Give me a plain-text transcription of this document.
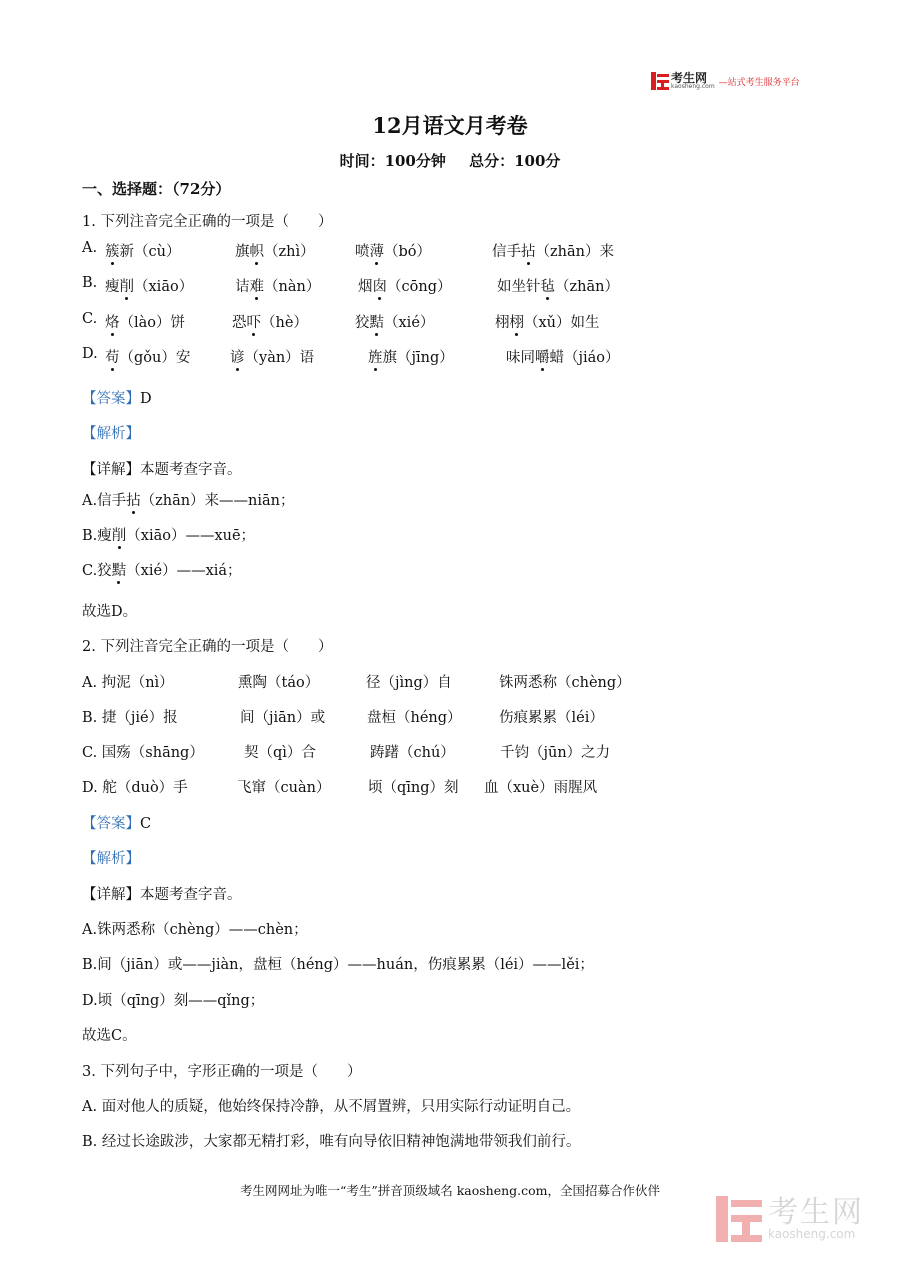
考生网
kaosheng.com —站式考生服务平台
12月语文月考卷
时间：100分钟 总分：100分
一、选择题：（72分）
1. 下列注音完全正确的一项是（　　）
A. 簇新（cù）	旗帜（zhì）	喷薄（bó）	信手拈（zhān）来
B. 瘦削（xiāo）	诘难（nàn）	烟囱（cōng）	如坐针毡（zhān）
C. 烙（lào）饼	恐吓（hè）	狡黠（xié）	栩栩（xǔ）如生
D. 苟（gǒu）安	谚（yàn）语	旌旗（jīng）	味同嚼蜡（jiáo）
【答案】D
【解析】
【详解】本题考查字音。
A.信手拈（zhān）来——niān；
B.瘦削（xiāo）——xuē；
C.狡黠（xié）——xiá；
故选D。
2. 下列注音完全正确的一项是（　　）
A. 拘泥（nì）	熏陶（táo）	径（jìng）自	铢两悉称（chèng）
B. 捷（jié）报	间（jiān）或	盘桓（héng）	伤痕累累（léi）
C. 国殇（shāng）	契（qì）合	踌躇（chú）	千钧（jūn）之力
D. 舵（duò）手	飞窜（cuàn）	顷（qīng）刻 血（xuè）雨腥风
【答案】C
【解析】
【详解】本题考查字音。
A.铢两悉称（chèng）——chèn；
B.间（jiān）或——jiàn，盘桓（héng）——huán，伤痕累累（léi）——lěi；
D.顷（qīng）刻——qǐng；
故选C。
3. 下列句子中，字形正确的一项是（　　）
A. 面对他人的质疑，他始终保持冷静，从不屑置辨，只用实际行动证明自己。
B. 经过长途跋涉，大家都无精打彩，唯有向导依旧精神饱满地带领我们前行。
考生网网址为唯一“考生”拼音顶级域名 kaosheng.com，全国招募合作伙伴
考生网
kaosheng.com
